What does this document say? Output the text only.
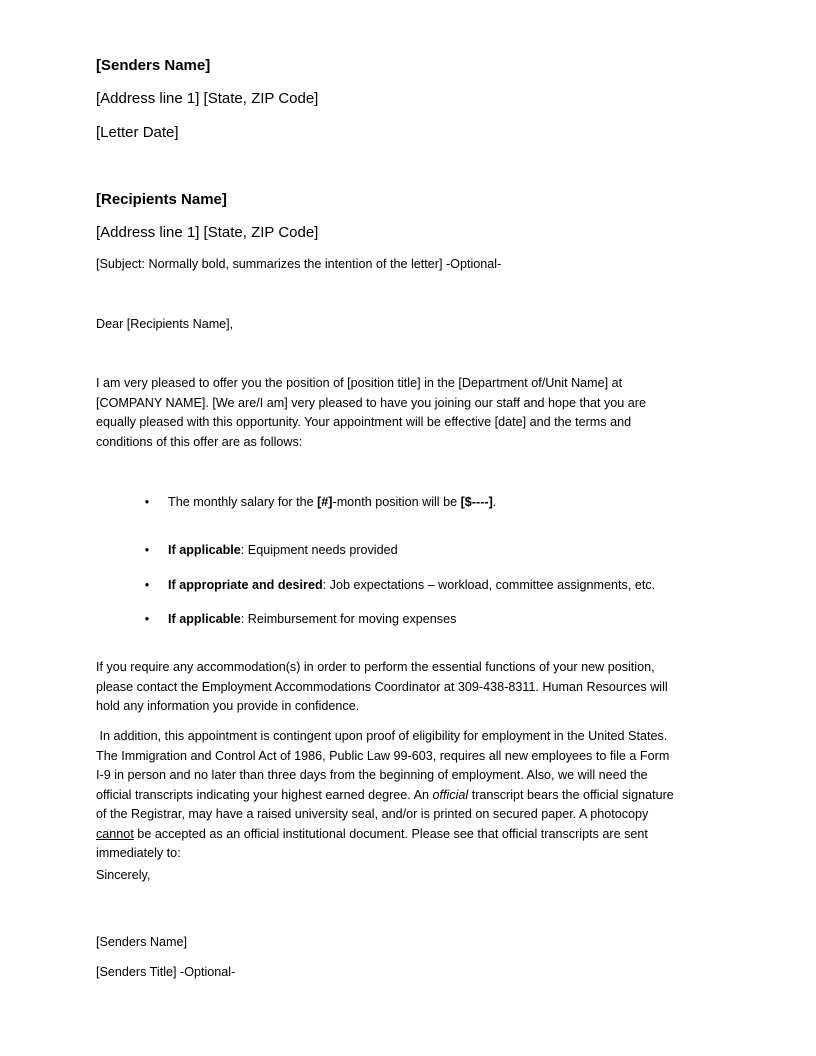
[Senders Name]
[Address line 1] [State, ZIP Code]
[Letter Date]
[Recipients Name]
[Address line 1] [State, ZIP Code]
[Subject: Normally bold, summarizes the intention of the letter] -Optional-
Dear [Recipients Name],
I am very pleased to offer you the position of [position title] in the [Department of/Unit Name] at
[COMPANY NAME]. [We are/I am] very pleased to have you joining our staff and hope that you are
equally pleased with this opportunity. Your appointment will be effective [date] and the terms and
conditions of this offer are as follows:
•	The monthly salary for the [#]-month position will be [$----].
•	If applicable: Equipment needs provided
•	If appropriate and desired: Job expectations – workload, committee assignments, etc.
•	If applicable: Reimbursement for moving expenses
If you require any accommodation(s) in order to perform the essential functions of your new position,
please contact the Employment Accommodations Coordinator at 309-438-8311. Human Resources will
hold any information you provide in confidence.
In addition, this appointment is contingent upon proof of eligibility for employment in the United States.
The Immigration and Control Act of 1986, Public Law 99-603, requires all new employees to file a Form
I-9 in person and no later than three days from the beginning of employment. Also, we will need the
official transcripts indicating your highest earned degree. An official transcript bears the official signature
of the Registrar, may have a raised university seal, and/or is printed on secured paper. A photocopy
cannot be accepted as an official institutional document. Please see that official transcripts are sent
immediately to:
Sincerely,
[Senders Name]
[Senders Title] -Optional-
